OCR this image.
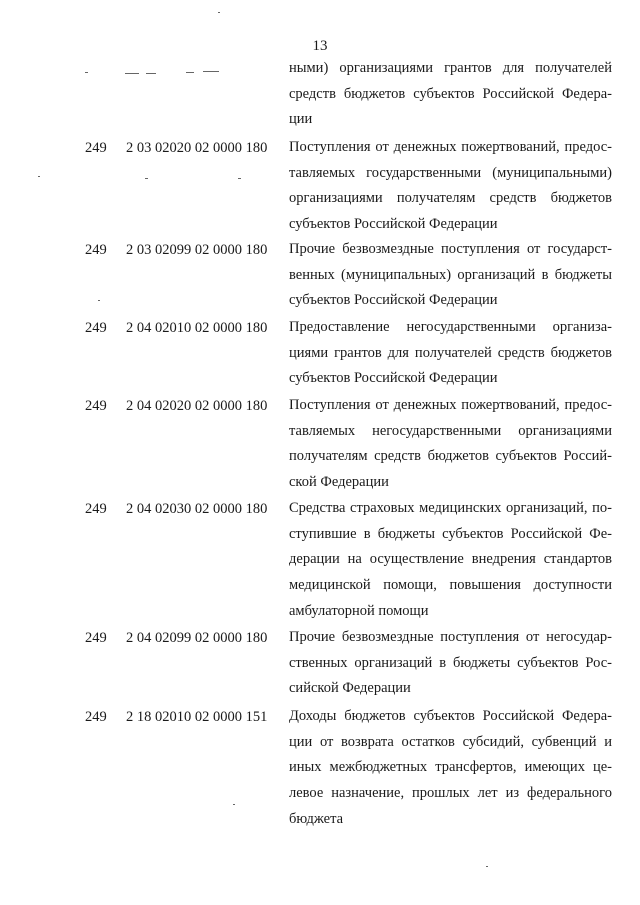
13
ными) организациями грантов для получателей
средств бюджетов субъектов Российской Федера-
ции
249 2 03 02020 02 0000 180 Поступления от денежных пожертвований, предос-
тавляемых государственными (муниципальными)
организациями получателям средств бюджетов
субъектов Российской Федерации
249 2 03 02099 02 0000 180 Прочие безвозмездные поступления от государст-
венных (муниципальных) организаций в бюджеты
субъектов Российской Федерации
249 2 04 02010 02 0000 180 Предоставление негосударственными организа-
циями грантов для получателей средств бюджетов
субъектов Российской Федерации
249 2 04 02020 02 0000 180 Поступления от денежных пожертвований, предос-
тавляемых негосударственными организациями
получателям средств бюджетов субъектов Россий-
ской Федерации
249 2 04 02030 02 0000 180 Средства страховых медицинских организаций, по-
ступившие в бюджеты субъектов Российской Фе-
дерации на осуществление внедрения стандартов
медицинской помощи, повышения доступности
амбулаторной помощи
249 2 04 02099 02 0000 180 Прочие безвозмездные поступления от негосудар-
ственных организаций в бюджеты субъектов Рос-
сийской Федерации
249 2 18 02010 02 0000 151 Доходы бюджетов субъектов Российской Федера-
ции от возврата остатков субсидий, субвенций и
иных межбюджетных трансфертов, имеющих це-
левое назначение, прошлых лет из федерального
бюджета
